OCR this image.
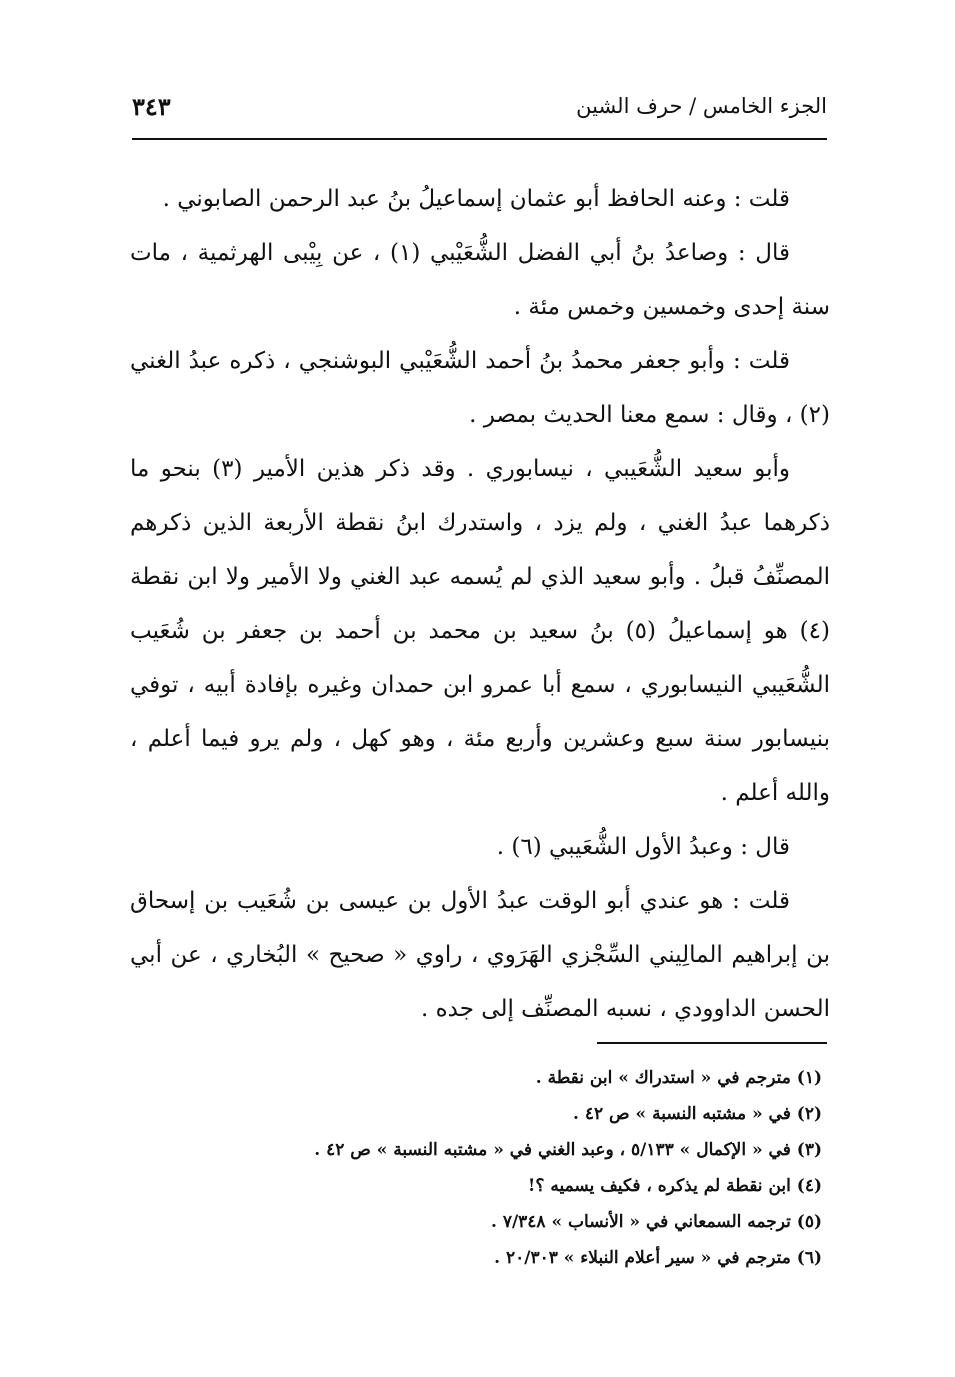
الجزء الخامس / حرف الشين
٣٤٣

قلت : وعنه الحافظ أبو عثمان إسماعيلُ بنُ عبد الرحمن الصابوني .

قال : وصاعدُ بنُ أبي الفضل الشُّعَيْبي (١) ، عن بِيْبى الهرثمية ، مات سنة إحدى وخمسين وخمس مئة .

قلت : وأبو جعفر محمدُ بنُ أحمد الشُّعَيْبي البوشنجي ، ذكره عبدُ الغني (٢) ، وقال : سمع معنا الحديث بمصر .

وأبو سعيد الشُّعَيبي ، نيسابوري . وقد ذكر هذين الأمير (٣) بنحو ما ذكرهما عبدُ الغني ، ولم يزد ، واستدرك ابنُ نقطة الأربعة الذين ذكرهم المصنِّفُ قبلُ . وأبو سعيد الذي لم يُسمه عبد الغني ولا الأمير ولا ابن نقطة (٤) هو إسماعيلُ (٥) بنُ سعيد بن محمد بن أحمد بن جعفر بن شُعَيب الشُّعَيبي النيسابوري ، سمع أبا عمرو ابن حمدان وغيره بإفادة أبيه ، توفي بنيسابور سنة سبع وعشرين وأربع مئة ، وهو كهل ، ولم يرو فيما أعلم ، والله أعلم .

قال : وعبدُ الأول الشُّعَيبي (٦) .

قلت : هو عندي أبو الوقت عبدُ الأول بن عيسى بن شُعَيب بن إسحاق بن إبراهيم المالِيني السِّجْزي الهَرَوي ، راوي « صحيح » البُخاري ، عن أبي الحسن الداوودي ، نسبه المصنِّف إلى جده .

(١) مترجم في « استدراك » ابن نقطة .

(٢) في « مشتبه النسبة » ص ٤٢ .

(٣) في « الإكمال » ٥/١٣٣ ، وعبد الغني في « مشتبه النسبة » ص ٤٢ .

(٤) ابن نقطة لم يذكره ، فكيف يسميه ؟!

(٥) ترجمه السمعاني في « الأنساب » ٧/٣٤٨ .

(٦) مترجم في « سير أعلام النبلاء » ٢٠/٣٠٣ .
